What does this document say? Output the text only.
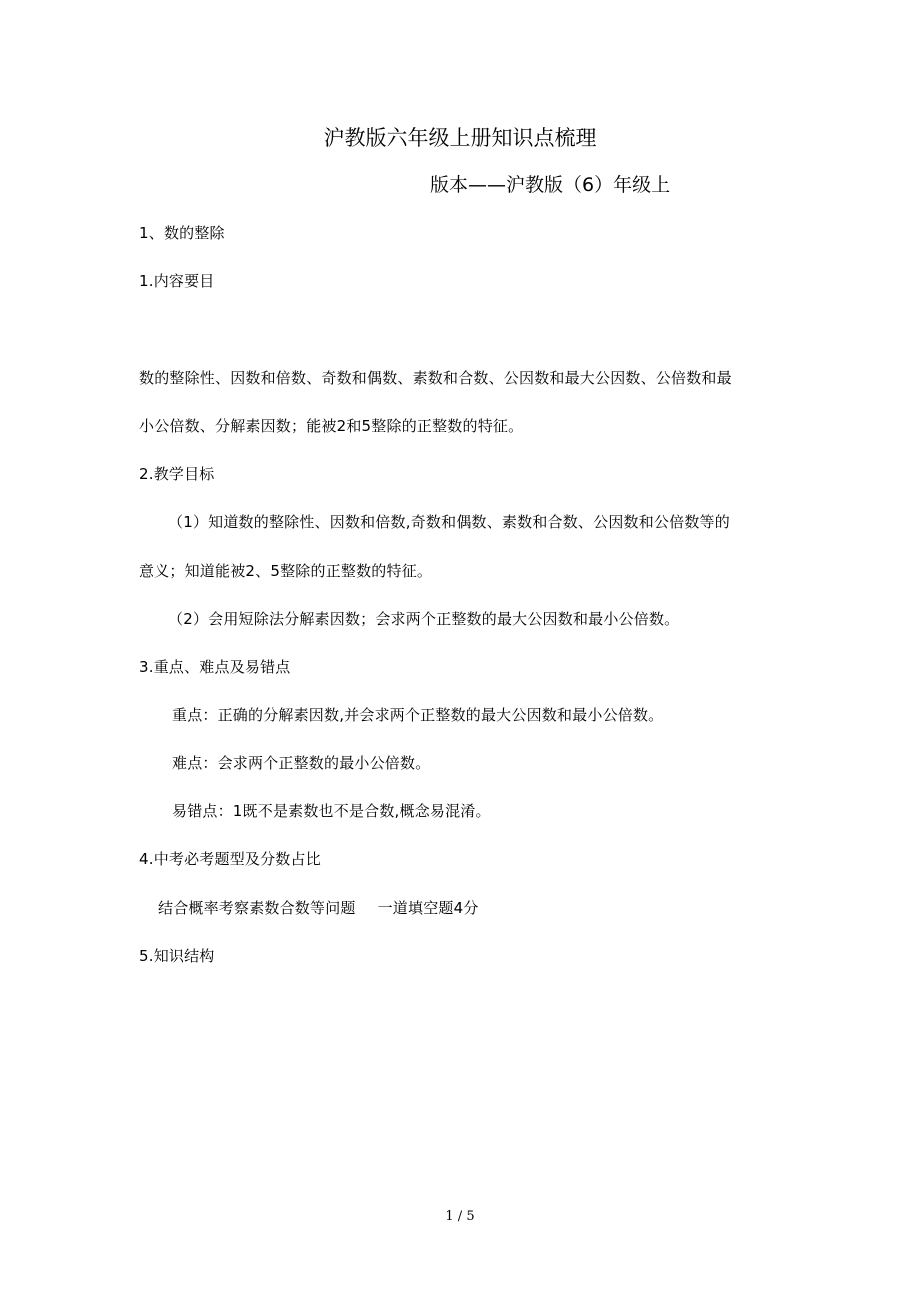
沪教版六年级上册知识点梳理
版本——沪教版（6）年级上
1、数的整除
1.内容要目
数的整除性、因数和倍数、奇数和偶数、素数和合数、公因数和最大公因数、公倍数和最
小公倍数、分解素因数；能被2和5整除的正整数的特征。
2.教学目标
（1）知道数的整除性、因数和倍数,奇数和偶数、素数和合数、公因数和公倍数等的
意义；知道能被2、5整除的正整数的特征。
（2）会用短除法分解素因数；会求两个正整数的最大公因数和最小公倍数。
3.重点、难点及易错点
重点：正确的分解素因数,并会求两个正整数的最大公因数和最小公倍数。
难点：会求两个正整数的最小公倍数。
易错点：1既不是素数也不是合数,概念易混淆。
4.中考必考题型及分数占比
结合概率考察素数合数等问题 一道填空题4分
5.知识结构
1 / 5
